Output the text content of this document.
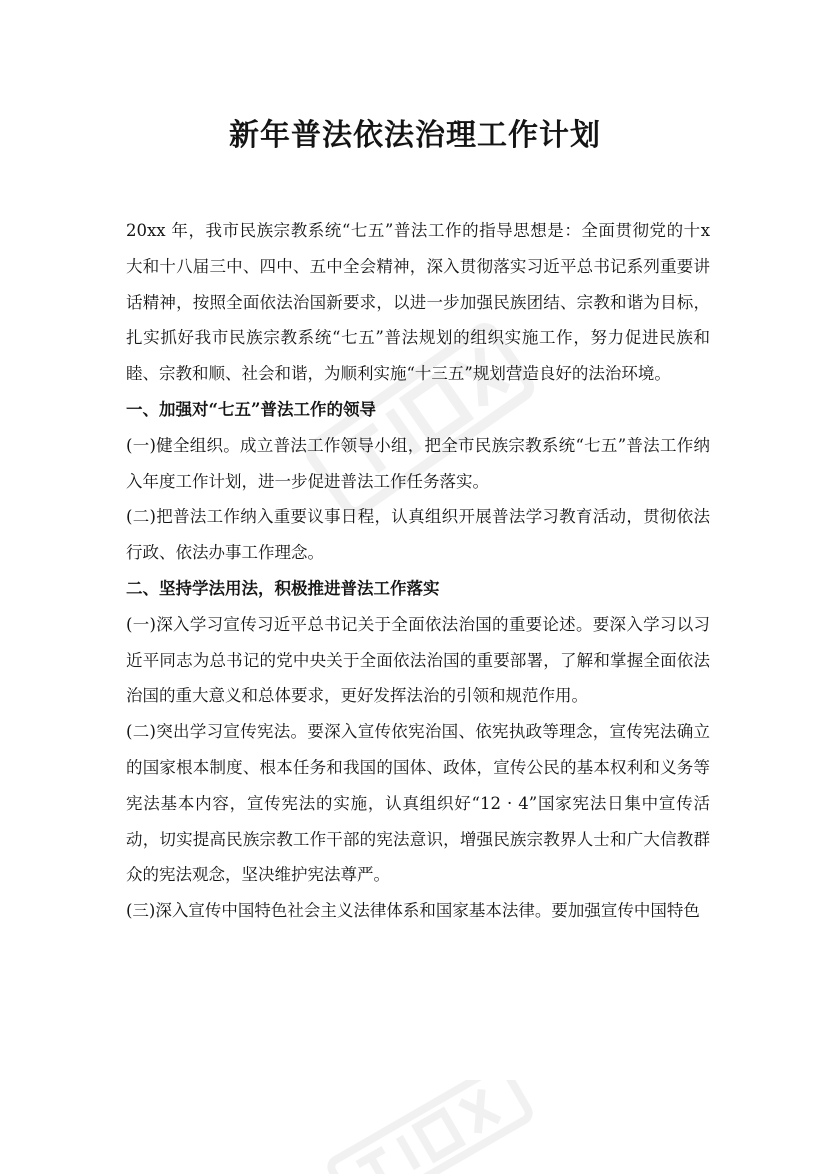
新年普法依法治理工作计划

20xx 年，我市民族宗教系统“七五”普法工作的指导思想是：全面贯彻党的十x 大和十八届三中、四中、五中全会精神，深入贯彻落实习近平总书记系列重要讲话精神，按照全面依法治国新要求，以进一步加强民族团结、宗教和谐为目标，扎实抓好我市民族宗教系统“七五”普法规划的组织实施工作，努力促进民族和睦、宗教和顺、社会和谐，为顺利实施“十三五”规划营造良好的法治环境。

一、加强对“七五”普法工作的领导

(一)健全组织。成立普法工作领导小组，把全市民族宗教系统“七五”普法工作纳入年度工作计划，进一步促进普法工作任务落实。

(二)把普法工作纳入重要议事日程，认真组织开展普法学习教育活动，贯彻依法行政、依法办事工作理念。

二、坚持学法用法，积极推进普法工作落实

(一)深入学习宣传习近平总书记关于全面依法治国的重要论述。要深入学习以习近平同志为总书记的党中央关于全面依法治国的重要部署，了解和掌握全面依法治国的重大意义和总体要求，更好发挥法治的引领和规范作用。

(二)突出学习宣传宪法。要深入宣传依宪治国、依宪执政等理念，宣传宪法确立的国家根本制度、根本任务和我国的国体、政体，宣传公民的基本权利和义务等宪法基本内容，宣传宪法的实施，认真组织好“12 · 4”国家宪法日集中宣传活动，切实提高民族宗教工作干部的宪法意识，增强民族宗教界人士和广大信教群众的宪法观念，坚决维护宪法尊严。

(三)深入宣传中国特色社会主义法律体系和国家基本法律。要加强宣传中国特色
